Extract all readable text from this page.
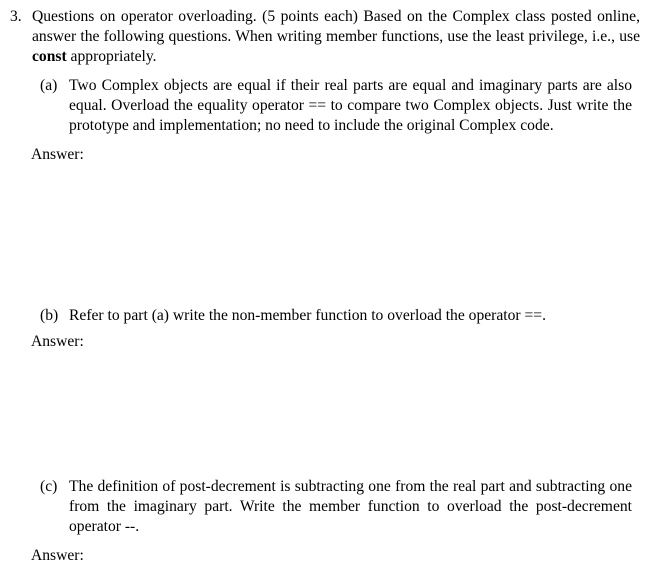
3. Questions on operator overloading. (5 points each) Based on the Complex class posted online, answer the following questions. When writing member functions, use the least privilege, i.e., use const appropriately.
(a) Two Complex objects are equal if their real parts are equal and imaginary parts are also equal. Overload the equality operator == to compare two Complex objects. Just write the prototype and implementation; no need to include the original Complex code.
Answer:
(b) Refer to part (a) write the non-member function to overload the operator ==.
Answer:
(c) The definition of post-decrement is subtracting one from the real part and subtracting one from the imaginary part. Write the member function to overload the post-decrement operator --.
Answer:
